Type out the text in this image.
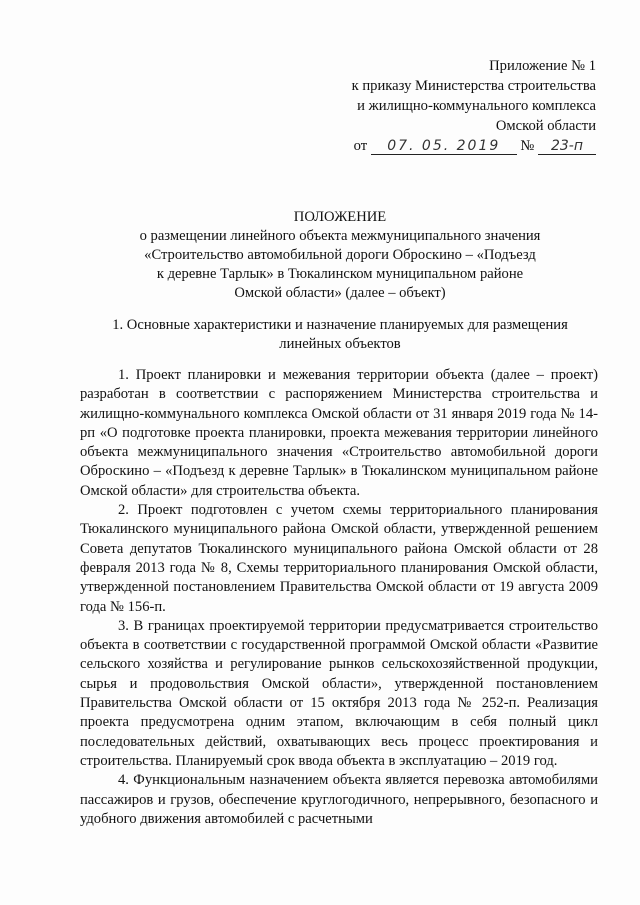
Приложение № 1
к приказу Министерства строительства
и жилищно-коммунального комплекса
Омской области
от 07. 05. 2019 № 23-п
ПОЛОЖЕНИЕ
о размещении линейного объекта межмуниципального значения
«Строительство автомобильной дороги Оброскино – «Подъезд
к деревне Тарлык» в Тюкалинском муниципальном районе
Омской области» (далее – объект)
1. Основные характеристики и назначение планируемых для размещения
линейных объектов

1. Проект планировки и межевания территории объекта (далее – проект) разработан в соответствии с распоряжением Министерства строительства и жилищно-коммунального комплекса Омской области от 31 января 2019 года № 14-рп «О подготовке проекта планировки, проекта межевания территории линейного объекта межмуниципального значения «Строительство автомобильной дороги Оброскино – «Подъезд к деревне Тарлык» в Тюкалинском муниципальном районе Омской области» для строительства объекта.

2. Проект подготовлен с учетом схемы территориального планирования Тюкалинского муниципального района Омской области, утвержденной решением Совета депутатов Тюкалинского муниципального района Омской области от 28 февраля 2013 года № 8, Схемы территориального планирования Омской области, утвержденной постановлением Правительства Омской области от 19 августа 2009 года № 156-п.

3. В границах проектируемой территории предусматривается строительство объекта в соответствии с государственной программой Омской области «Развитие сельского хозяйства и регулирование рынков сельскохозяйственной продукции, сырья и продовольствия Омской области», утвержденной постановлением Правительства Омской области от 15 октября 2013 года № 252-п. Реализация проекта предусмотрена одним этапом, включающим в себя полный цикл последовательных действий, охватывающих весь процесс проектирования и строительства. Планируемый срок ввода объекта в эксплуатацию – 2019 год.

4. Функциональным назначением объекта является перевозка автомобилями пассажиров и грузов, обеспечение круглогодичного, непрерывного, безопасного и удобного движения автомобилей с расчетными
